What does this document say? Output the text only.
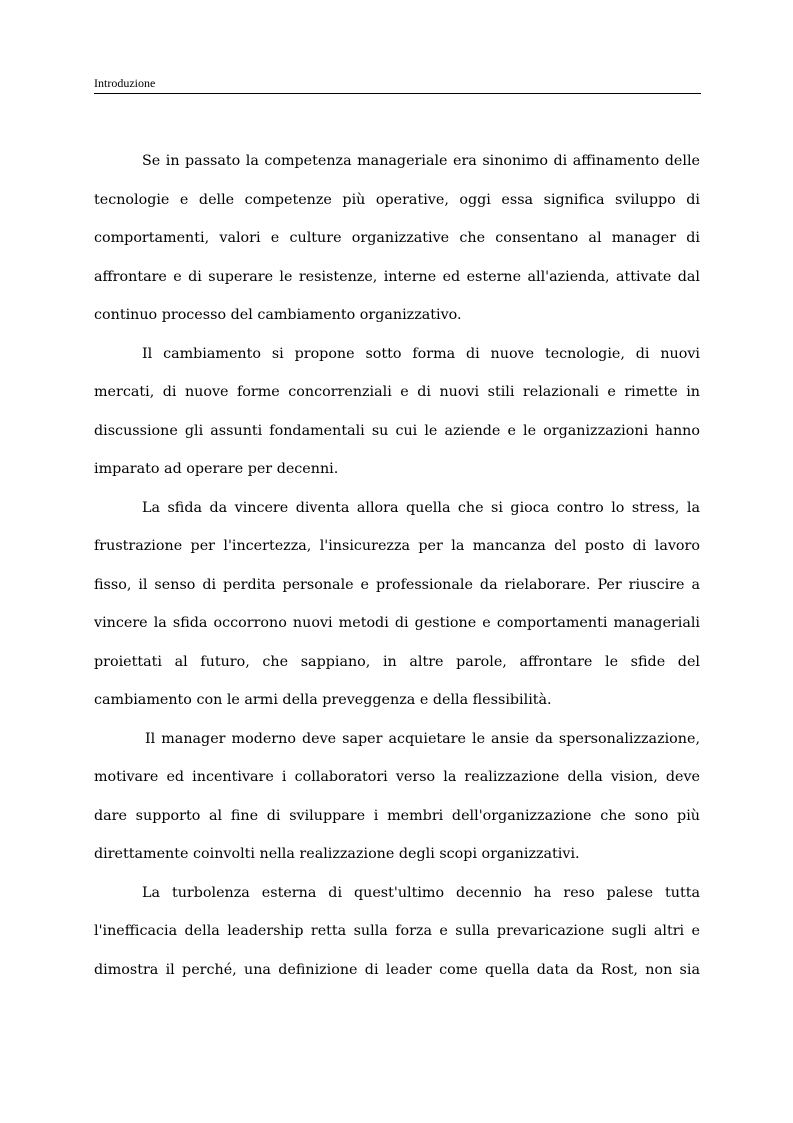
Introduzione

Se in passato la competenza manageriale era sinonimo di affinamento delle
tecnologie e delle competenze più operative, oggi essa significa sviluppo di
comportamenti, valori e culture organizzative che consentano al manager di
affrontare e di superare le resistenze, interne ed esterne all'azienda, attivate dal
continuo processo del cambiamento organizzativo.

Il cambiamento si propone sotto forma di nuove tecnologie, di nuovi
mercati, di nuove forme concorrenziali e di nuovi stili relazionali e rimette in
discussione gli assunti fondamentali su cui le aziende e le organizzazioni hanno
imparato ad operare per decenni.

La sfida da vincere diventa allora quella che si gioca contro lo stress, la
frustrazione per l'incertezza, l'insicurezza per la mancanza del posto di lavoro
fisso, il senso di perdita personale e professionale da rielaborare. Per riuscire a
vincere la sfida occorrono nuovi metodi di gestione e comportamenti manageriali
proiettati al futuro, che sappiano, in altre parole, affrontare le sfide del
cambiamento con le armi della preveggenza e della flessibilità.

Il manager moderno deve saper acquietare le ansie da spersonalizzazione,
motivare ed incentivare i collaboratori verso la realizzazione della vision, deve
dare supporto al fine di sviluppare i membri dell'organizzazione che sono più
direttamente coinvolti nella realizzazione degli scopi organizzativi.

La turbolenza esterna di quest'ultimo decennio ha reso palese tutta
l'inefficacia della leadership retta sulla forza e sulla prevaricazione sugli altri e
dimostra il perché, una definizione di leader come quella data da Rost, non sia
